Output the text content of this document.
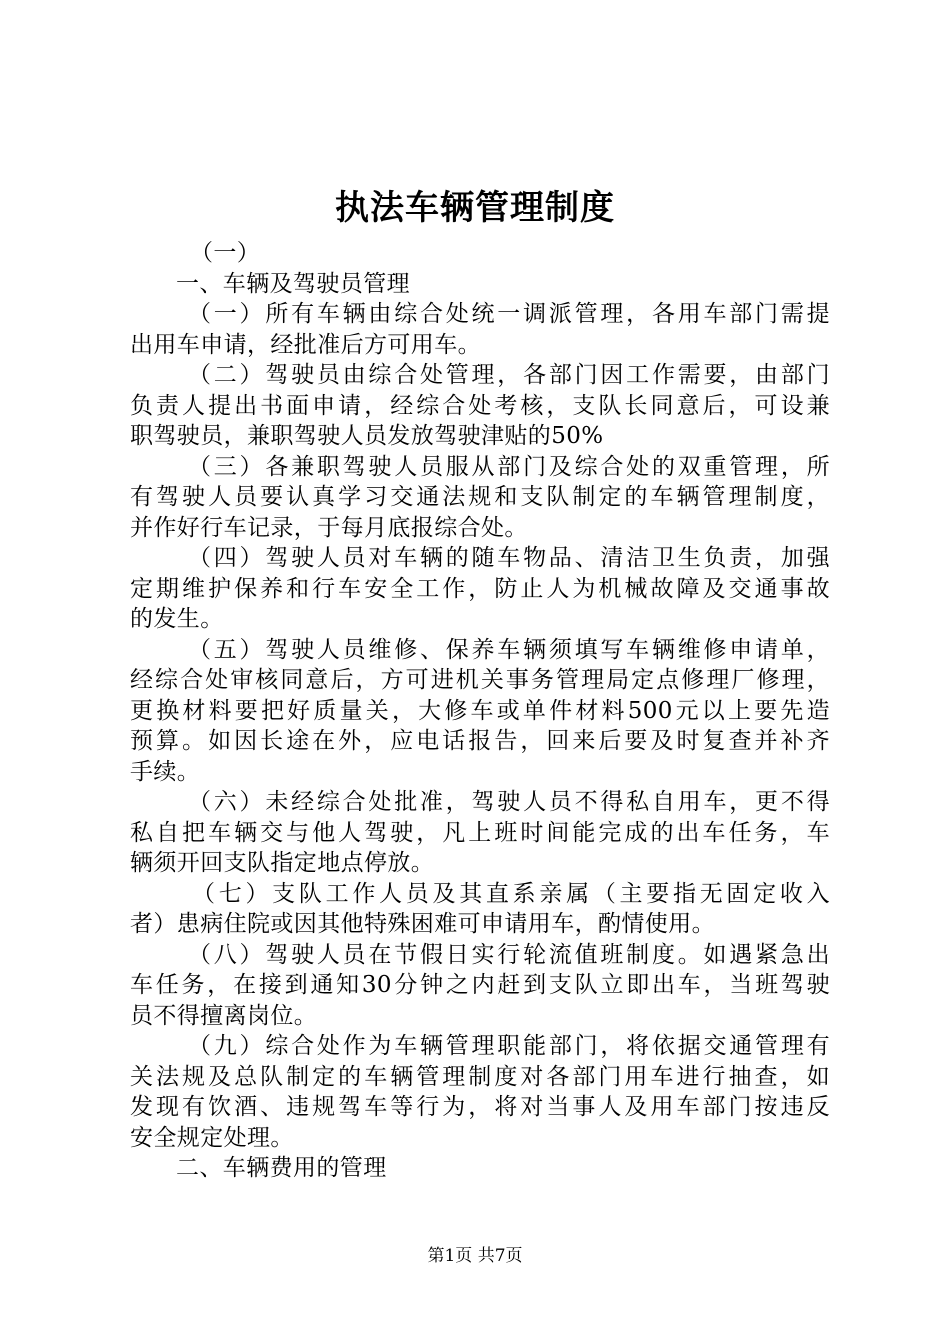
执法车辆管理制度
（一）
一、车辆及驾驶员管理
（一）所有车辆由综合处统一调派管理，各用车部门需提
出用车申请，经批准后方可用车。
（二）驾驶员由综合处管理，各部门因工作需要，由部门
负责人提出书面申请，经综合处考核，支队长同意后，可设兼
职驾驶员，兼职驾驶人员发放驾驶津贴的50%
（三）各兼职驾驶人员服从部门及综合处的双重管理，所
有驾驶人员要认真学习交通法规和支队制定的车辆管理制度，
并作好行车记录，于每月底报综合处。
（四）驾驶人员对车辆的随车物品、清洁卫生负责，加强
定期维护保养和行车安全工作，防止人为机械故障及交通事故
的发生。
（五）驾驶人员维修、保养车辆须填写车辆维修申请单，
经综合处审核同意后，方可进机关事务管理局定点修理厂修理，
更换材料要把好质量关，大修车或单件材料500元以上要先造
预算。如因长途在外，应电话报告，回来后要及时复查并补齐
手续。
（六）未经综合处批准，驾驶人员不得私自用车，更不得
私自把车辆交与他人驾驶，凡上班时间能完成的出车任务，车
辆须开回支队指定地点停放。
（七）支队工作人员及其直系亲属（主要指无固定收入
者）患病住院或因其他特殊困难可申请用车，酌情使用。
（八）驾驶人员在节假日实行轮流值班制度。如遇紧急出
车任务，在接到通知30分钟之内赶到支队立即出车，当班驾驶
员不得擅离岗位。
（九）综合处作为车辆管理职能部门，将依据交通管理有
关法规及总队制定的车辆管理制度对各部门用车进行抽查，如
发现有饮酒、违规驾车等行为，将对当事人及用车部门按违反
安全规定处理。
二、车辆费用的管理
第1页 共7页
